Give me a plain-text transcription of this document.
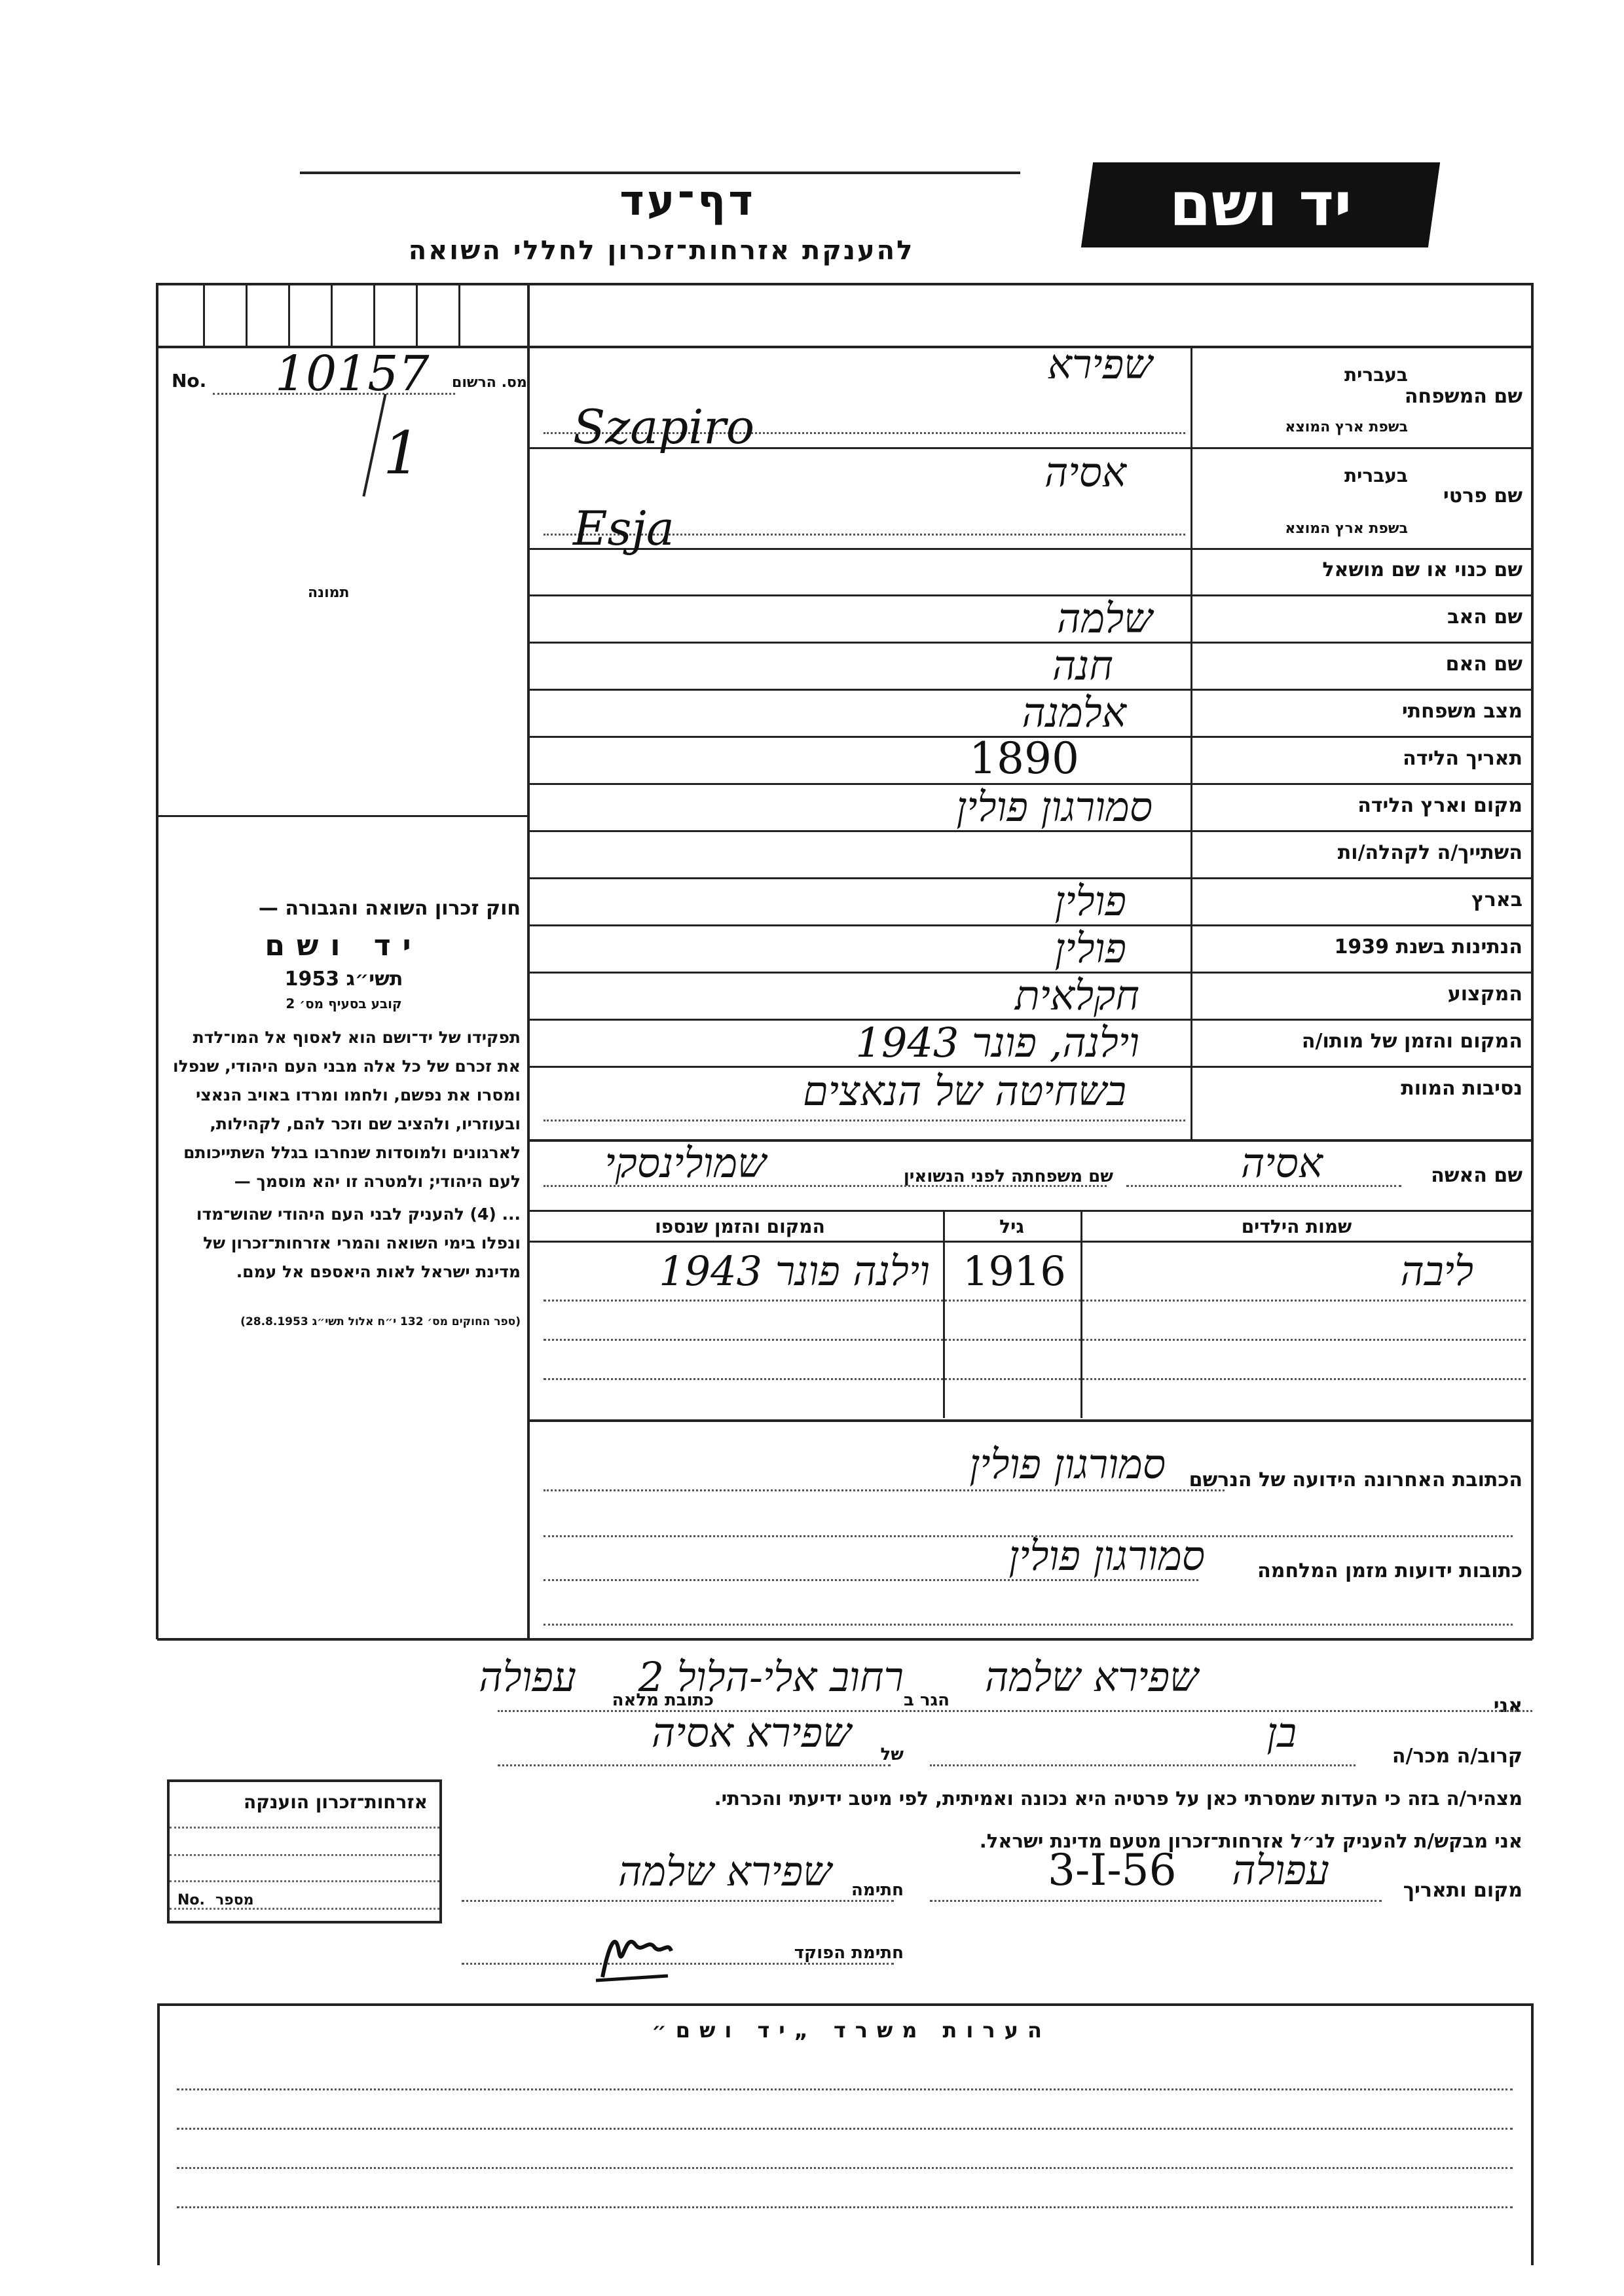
דף־עד
להענקת אזרחות־זכרון לחללי השואה
יד ושם
No. 10157 מס. הרשום
1
תמונה

חוק זכרון השואה והגבורה —

יד ושם

תשי״ג 1953

קובע בסעיף מס׳ 2

תפקידו של יד־ושם הוא לאסוף אל המו־לדת את זכרם של כל אלה מבני העם היהודי, שנפלו ומסרו את נפשם, ולחמו ומרדו באויב הנאצי ובעוזריו, ולהציב שם וזכר להם, לקהילות, לארגונים ולמוסדות שנחרבו בגלל השתייכותם לעם היהודי; ולמטרה זו יהא מוסמך —

... (4) להעניק לבני העם היהודי שהוש־מדו ונפלו בימי השואה והמרי אזרחות־זכרון של מדינת ישראל לאות היאספם אל עמם.

(ספר החוקים מס׳ 132 י״ח אלול תשי״ג 28.8.1953)

שם המשפחה
בעברית
בשפת ארץ המוצא
שפירא
Szapiro
שם פרטי
בעברית
בשפת ארץ המוצא
אסיה
Esja
שם כנוי או שם מושאל
שם האב
שלמה
שם האם
חנה
מצב משפחתי
אלמנה
תאריך הלידה
1890
מקום וארץ הלידה
סמורגון פולין
השתייך/ה לקהלה/ות
בארץ
פולין
הנתינות בשנת 1939
פולין
המקצוע
חקלאית
המקום והזמן של מותו/ה
וילנה, פונר 1943
נסיבות המוות
בשחיטה של הנאצים
שם האשה
אסיה
שם משפחתה לפני הנשואין
שמולינסקי
שמות הילדים
גיל
המקום והזמן שנספו
ליבה
1916
וילנה פונר 1943
הכתובת האחרונה הידועה של הנרשם
סמורגון פולין
כתובות ידועות מזמן המלחמה
סמורגון פולין
אני
שפירא שלמה
הגר ב
רחוב אלי-הלול 2
כתובת מלאה
עפולה
קרוב/ה מכר/ה
בן
של
שפירא אסיה
מצהיר/ה בזה כי העדות שמסרתי כאן על פרטיה היא נכונה ואמיתית, לפי מיטב ידיעתי והכרתי.
אני מבקש/ת להעניק לנ״ל אזרחות־זכרון מטעם מדינת ישראל.
מקום ותאריך
עפולה
3-I-56
חתימה
שפירא שלמה
חתימת הפוקד
אזרחות־זכרון הוענקה
No. מספר
הערות משרד „יד ושם״
